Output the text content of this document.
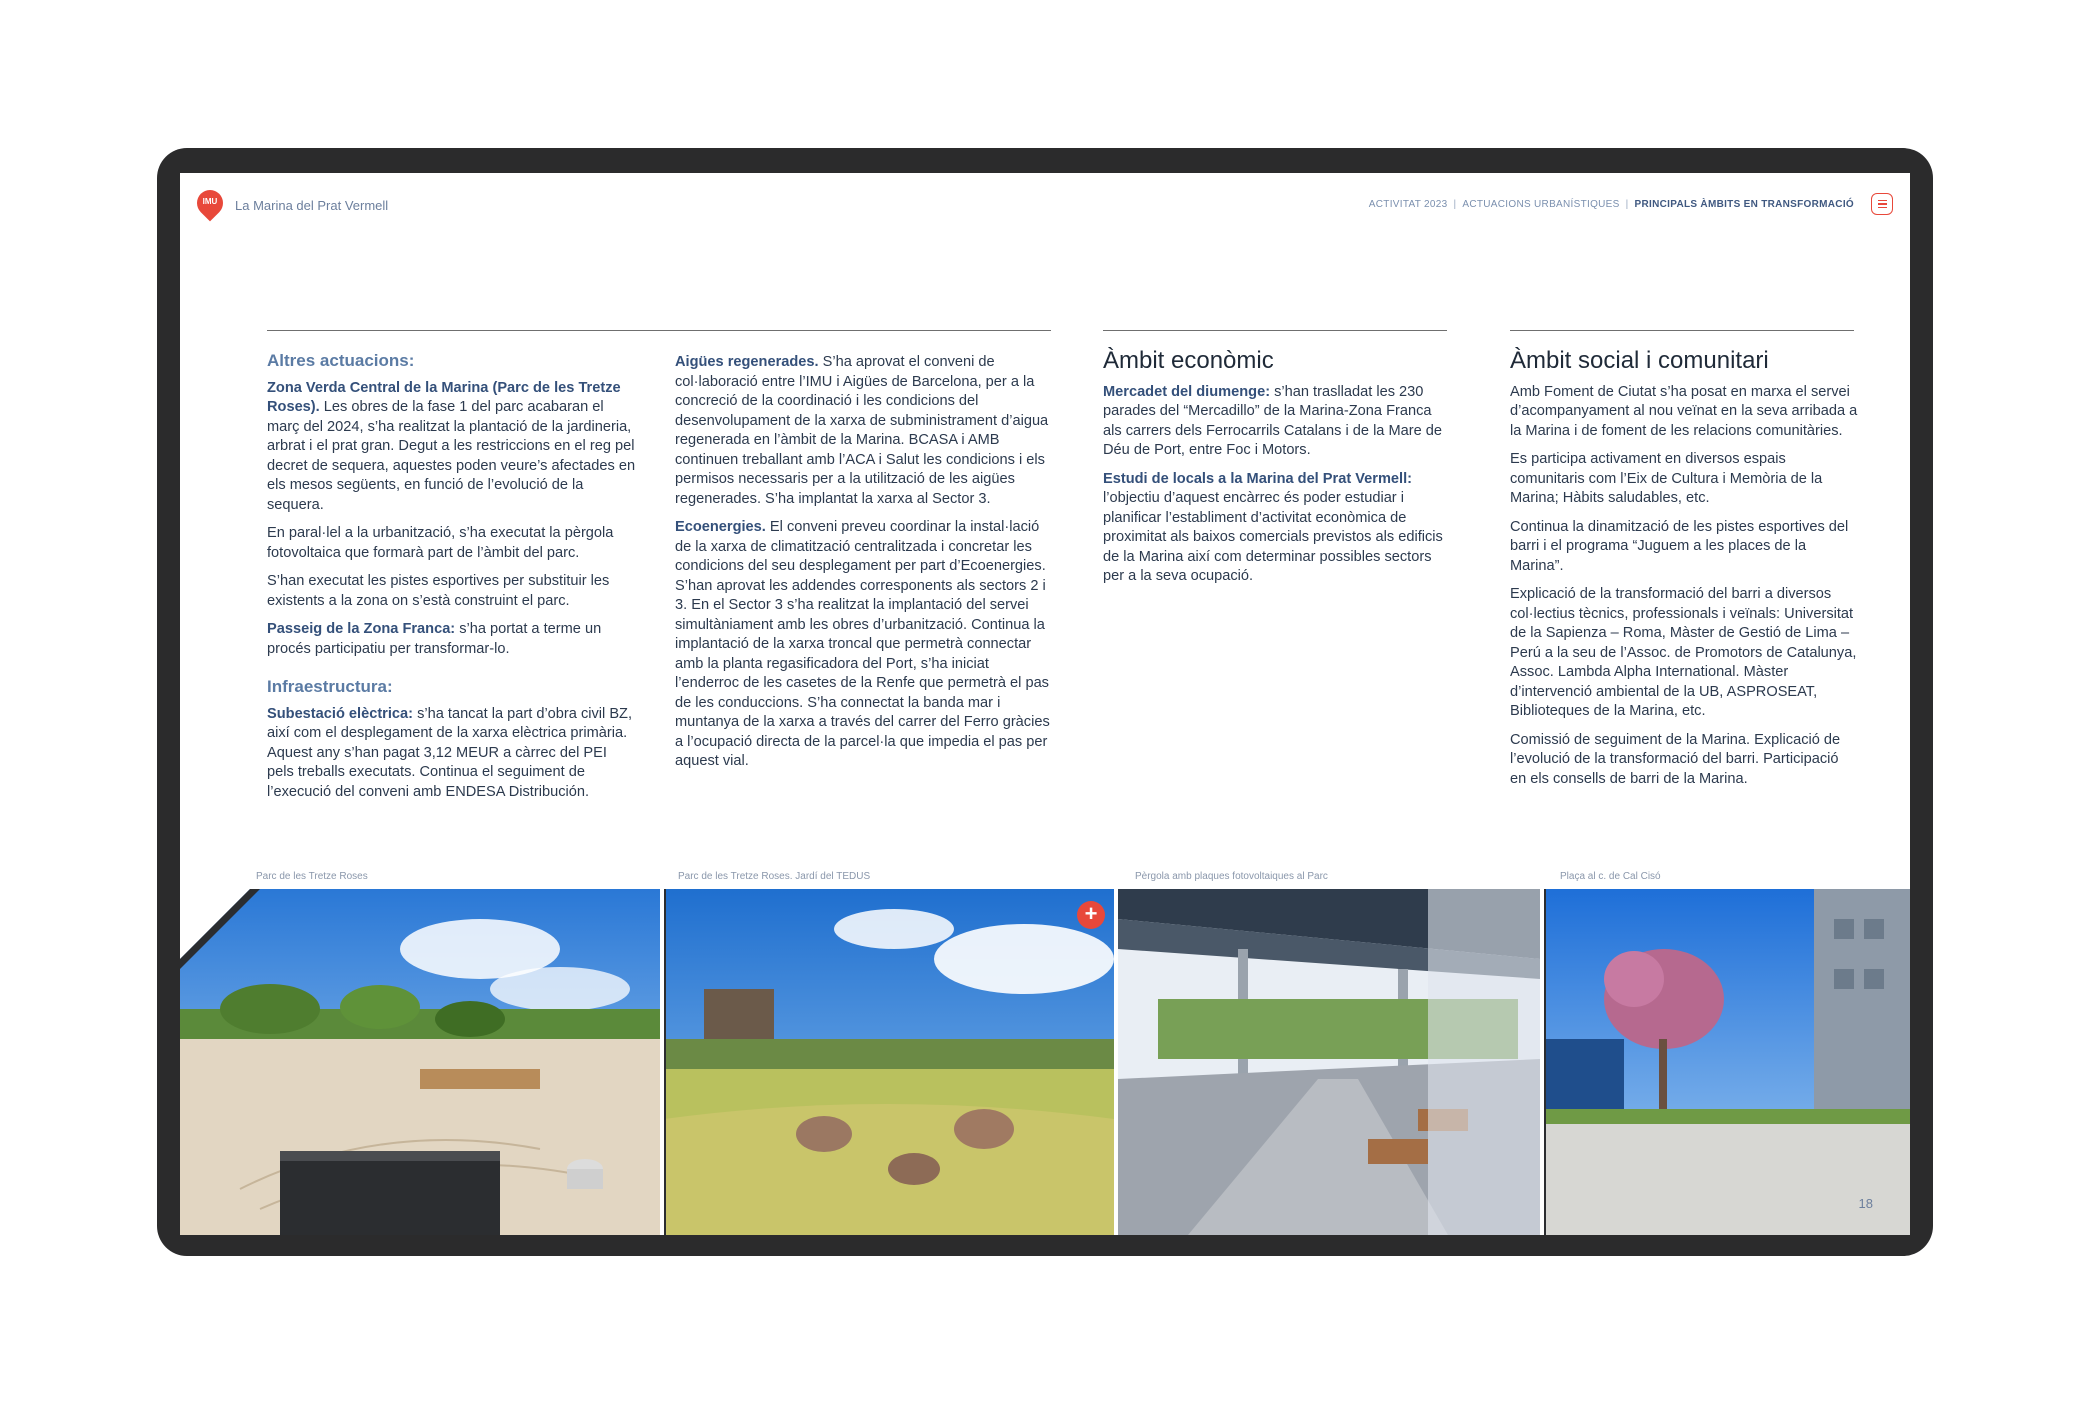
IMU	La Marina del Prat Vermell	ACTIVITAT 2023 | ACTUACIONS URBANÍSTIQUES | PRINCIPALS ÀMBITS EN TRANSFORMACIÓ
Altres actuacions:

Zona Verda Central de la Marina (Parc de les Tretze Roses). Les obres de la fase 1 del parc acabaran el març del 2024, s’ha realitzat la plantació de la jardineria, arbrat i el prat gran. Degut a les restriccions en el reg pel decret de sequera, aquestes poden veure’s afectades en els mesos següents, en funció de l’evolució de la sequera.

En paral·lel a la urbanització, s’ha executat la pèrgola fotovoltaica que formarà part de l’àmbit del parc.

S’han executat les pistes esportives per substituir les existents a la zona on s’està construint el parc.

Passeig de la Zona Franca: s’ha portat a terme un procés participatiu per transformar-lo.

Infraestructura:

Subestació elèctrica: s’ha tancat la part d’obra civil BZ, així com el desplegament de la xarxa elèctrica primària. Aquest any s’han pagat 3,12 MEUR a càrrec del PEI pels treballs executats. Continua el seguiment de l’execució del conveni amb ENDESA Distribución.

Aigües regenerades. S’ha aprovat el conveni de col·laboració entre l’IMU i Aigües de Barcelona, per a la concreció de la coordinació i les condicions del desenvolupament de la xarxa de subministrament d’aigua regenerada en l’àmbit de la Marina. BCASA i AMB continuen treballant amb l’ACA i Salut les condicions i els permisos necessaris per a la utilització de les aigües regenerades. S’ha implantat la xarxa al Sector 3.

Ecoenergies. El conveni preveu coordinar la instal·lació de la xarxa de climatització centralitzada i concretar les condicions del seu desplegament per part d’Ecoenergies. S’han aprovat les addendes corresponents als sectors 2 i 3. En el Sector 3 s’ha realitzat la implantació del servei simultàniament amb les obres d’urbanització. Continua la implantació de la xarxa troncal que permetrà connectar amb la planta regasificadora del Port, s’ha iniciat l’enderroc de les casetes de la Renfe que permetrà el pas de les conduccions. S’ha connectat la banda mar i muntanya de la xarxa a través del carrer del Ferro gràcies a l’ocupació directa de la parcel·la que impedia el pas per aquest vial.

Àmbit econòmic

Mercadet del diumenge: s’han traslladat les 230 parades del “Mercadillo” de la Marina-Zona Franca als carrers dels Ferrocarrils Catalans i de la Mare de Déu de Port, entre Foc i Motors.

Estudi de locals a la Marina del Prat Vermell: l’objectiu d’aquest encàrrec és poder estudiar i planificar l’establiment d’activitat econòmica de proximitat als baixos comercials previstos als edificis de la Marina així com determinar possibles sectors per a la seva ocupació.

Àmbit social i comunitari

Amb Foment de Ciutat s’ha posat en marxa el servei d’acompanyament al nou veïnat en la seva arribada a la Marina i de foment de les relacions comunitàries.

Es participa activament en diversos espais comunitaris com l’Eix de Cultura i Memòria de la Marina; Hàbits saludables, etc.

Continua la dinamització de les pistes esportives del barri i el programa “Juguem a les places de la Marina”.

Explicació de la transformació del barri a diversos col·lectius tècnics, professionals i veïnals: Universitat de la Sapienza – Roma, Màster de Gestió de Lima – Perú a la seu de l’Assoc. de Promotors de Catalunya, Assoc. Lambda Alpha International. Màster d’intervenció ambiental de la UB, ASPROSEAT, Biblioteques de la Marina, etc.

Comissió de seguiment de la Marina. Explicació de l’evolució de la transformació del barri. Participació en els consells de barri de la Marina.

Parc de les Tretze Roses	Parc de les Tretze Roses. Jardí del TEDUS	Pèrgola amb plaques fotovoltaiques al Parc	Plaça al c. de Cal Cisó
+
18
